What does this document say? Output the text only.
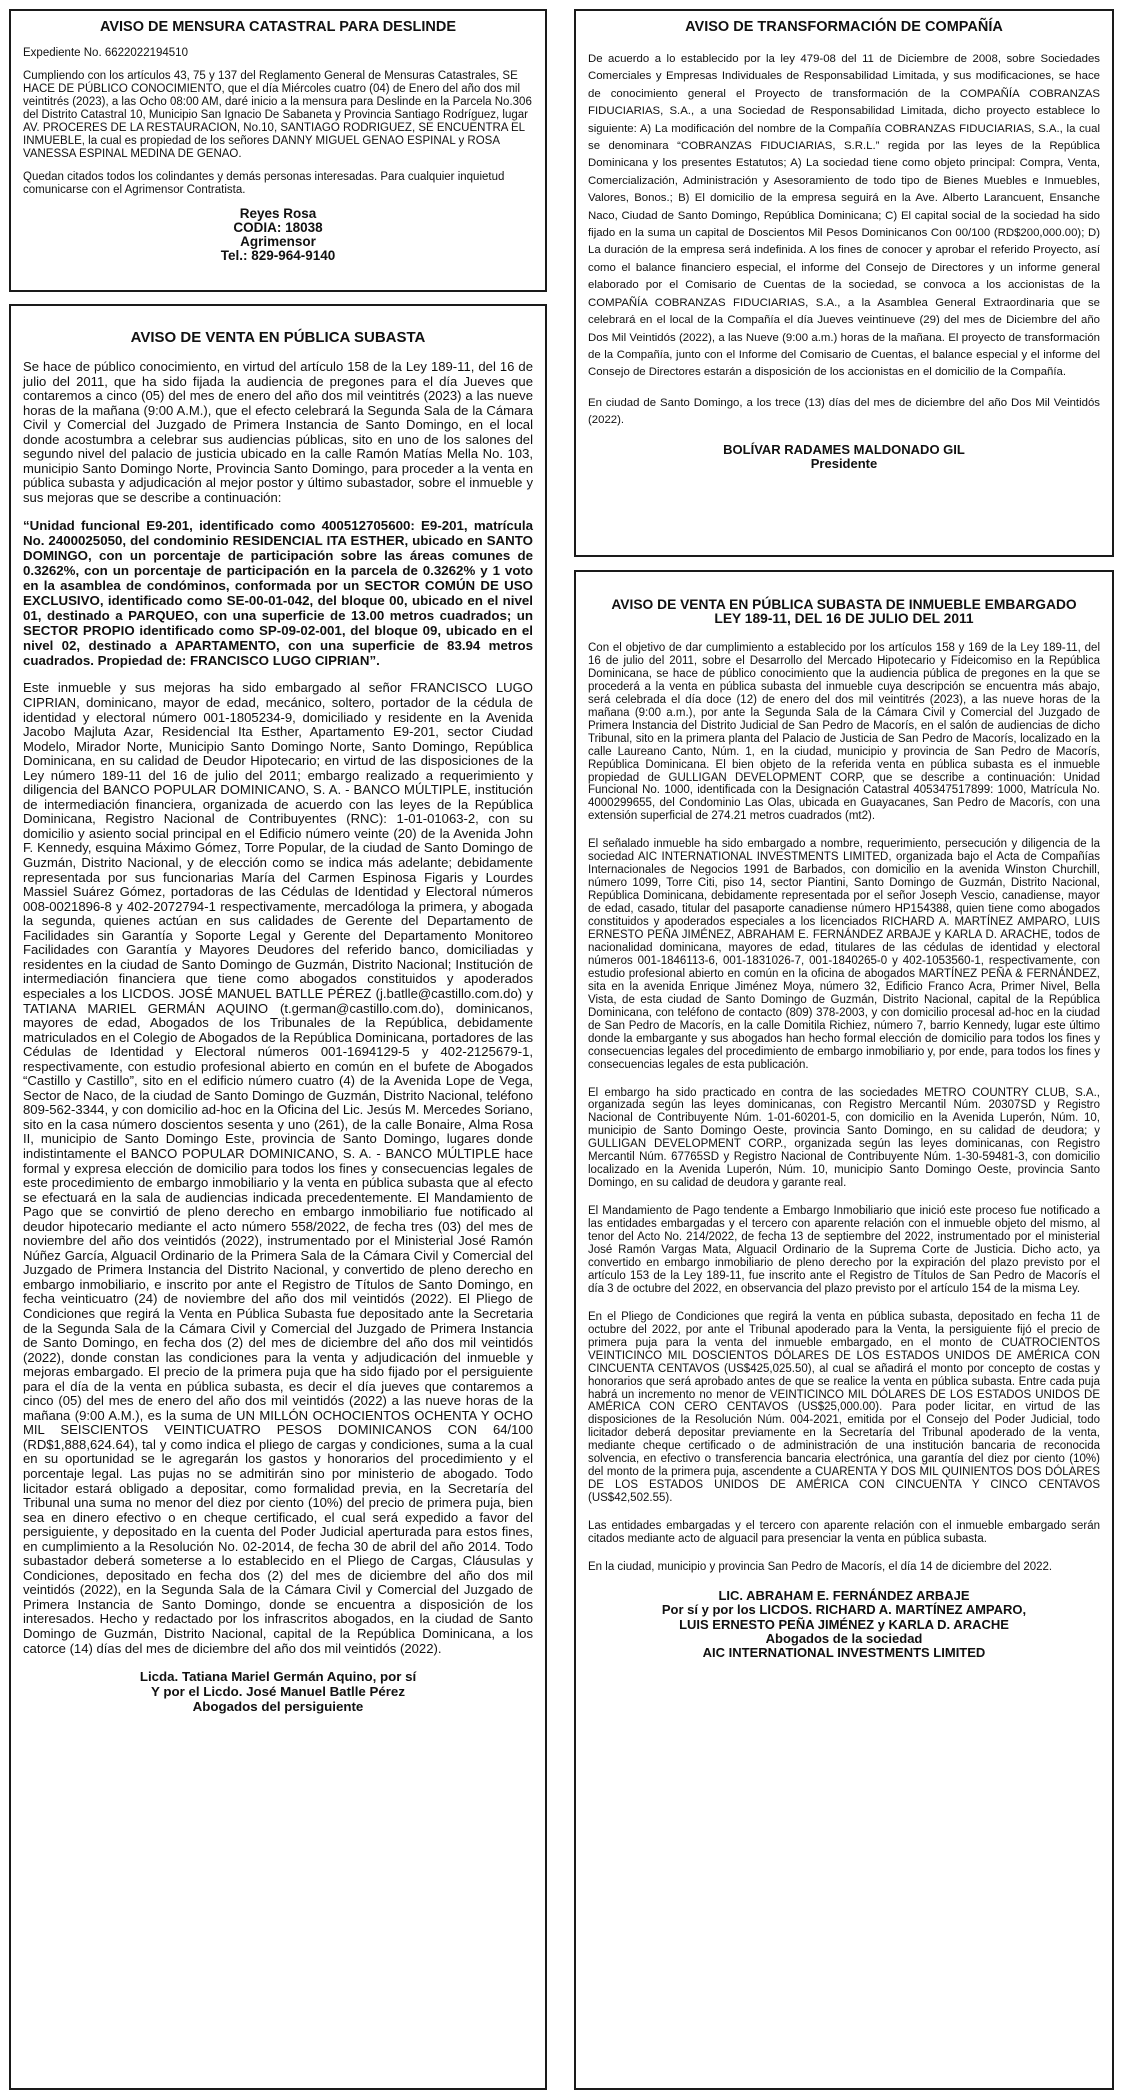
AVISO DE MENSURA CATASTRAL PARA DESLINDE

Expediente No. 6622022194510

Cumpliendo con los artículos 43, 75 y 137 del Reglamento General de Mensuras Catastrales, SE HACE DE PÚBLICO CONOCIMIENTO, que el día Miércoles cuatro (04) de Enero del año dos mil veintitrés (2023), a las Ocho 08:00 AM, daré inicio a la mensura para Deslinde en la Parcela No.306 del Distrito Catastral 10, Municipio San Ignacio De Sabaneta y Provincia Santiago Rodríguez, lugar AV. PROCERES DE LA RESTAURACION, No.10, SANTIAGO RODRIGUEZ, SE ENCUENTRA EL INMUEBLE, la cual es propiedad de los señores DANNY MIGUEL GENAO ESPINAL y ROSA VANESSA ESPINAL MEDINA DE GENAO.

Quedan citados todos los colindantes y demás personas interesadas. Para cualquier inquietud comunicarse con el Agrimensor Contratista.

Reyes Rosa
CODIA: 18038
Agrimensor
Tel.: 829-964-9140
AVISO DE VENTA EN PÚBLICA SUBASTA

Se hace de público conocimiento, en virtud del artículo 158 de la Ley 189-11, del 16 de julio del 2011, que ha sido fijada la audiencia de pregones para el día Jueves que contaremos a cinco (05) del mes de enero del año dos mil veintitrés (2023) a las nueve horas de la mañana (9:00 A.M.), que el efecto celebrará la Segunda Sala de la Cámara Civil y Comercial del Juzgado de Primera Instancia de Santo Domingo, en el local donde acostumbra a celebrar sus audiencias públicas, sito en uno de los salones del segundo nivel del palacio de justicia ubicado en la calle Ramón Matías Mella No. 103, municipio Santo Domingo Norte, Provincia Santo Domingo, para proceder a la venta en pública subasta y adjudicación al mejor postor y último subastador, sobre el inmueble y sus mejoras que se describe a continuación:

“Unidad funcional E9-201, identificado como 400512705600: E9-201, matrícula No. 2400025050, del condominio RESIDENCIAL ITA ESTHER, ubicado en SANTO DOMINGO, con un porcentaje de participación sobre las áreas comunes de 0.3262%, con un porcentaje de participación en la parcela de 0.3262% y 1 voto en la asamblea de condóminos, conformada por un SECTOR COMÚN DE USO EXCLUSIVO, identificado como SE-00-01-042, del bloque 00, ubicado en el nivel 01, destinado a PARQUEO, con una superficie de 13.00 metros cuadrados; un SECTOR PROPIO identificado como SP-09-02-001, del bloque 09, ubicado en el nivel 02, destinado a APARTAMENTO, con una superficie de 83.94 metros cuadrados. Propiedad de: FRANCISCO LUGO CIPRIAN”.

Este inmueble y sus mejoras ha sido embargado al señor FRANCISCO LUGO CIPRIAN, dominicano, mayor de edad, mecánico, soltero, portador de la cédula de identidad y electoral número 001-1805234-9, domiciliado y residente en la Avenida Jacobo Majluta Azar, Residencial Ita Esther, Apartamento E9-201, sector Ciudad Modelo, Mirador Norte, Municipio Santo Domingo Norte, Santo Domingo, República Dominicana, en su calidad de Deudor Hipotecario; en virtud de las disposiciones de la Ley número 189-11 del 16 de julio del 2011; embargo realizado a requerimiento y diligencia del BANCO POPULAR DOMINICANO, S. A. - BANCO MÚLTIPLE, institución de intermediación financiera, organizada de acuerdo con las leyes de la República Dominicana, Registro Nacional de Contribuyentes (RNC): 1-01-01063-2, con su domicilio y asiento social principal en el Edificio número veinte (20) de la Avenida John F. Kennedy, esquina Máximo Gómez, Torre Popular, de la ciudad de Santo Domingo de Guzmán, Distrito Nacional, y de elección como se indica más adelante; debidamente representada por sus funcionarias María del Carmen Espinosa Figaris y Lourdes Massiel Suárez Gómez, portadoras de las Cédulas de Identidad y Electoral números 008-0021896-8 y 402-2072794-1 respectivamente, mercadóloga la primera, y abogada la segunda, quienes actúan en sus calidades de Gerente del Departamento de Facilidades sin Garantía y Soporte Legal y Gerente del Departamento Monitoreo Facilidades con Garantía y Mayores Deudores del referido banco, domiciliadas y residentes en la ciudad de Santo Domingo de Guzmán, Distrito Nacional; Institución de intermediación financiera que tiene como abogados constituidos y apoderados especiales a los LICDOS. JOSÉ MANUEL BATLLE PÉREZ (j.batlle@castillo.com.do) y TATIANA MARIEL GERMÁN AQUINO (t.german@castillo.com.do), dominicanos, mayores de edad, Abogados de los Tribunales de la República, debidamente matriculados en el Colegio de Abogados de la República Dominicana, portadores de las Cédulas de Identidad y Electoral números 001-1694129-5 y 402-2125679-1, respectivamente, con estudio profesional abierto en común en el bufete de Abogados “Castillo y Castillo”, sito en el edificio número cuatro (4) de la Avenida Lope de Vega, Sector de Naco, de la ciudad de Santo Domingo de Guzmán, Distrito Nacional, teléfono 809-562-3344, y con domicilio ad-hoc en la Oficina del Lic. Jesús M. Mercedes Soriano, sito en la casa número doscientos sesenta y uno (261), de la calle Bonaire, Alma Rosa II, municipio de Santo Domingo Este, provincia de Santo Domingo, lugares donde indistintamente el BANCO POPULAR DOMINICANO, S. A. - BANCO MÚLTIPLE hace formal y expresa elección de domicilio para todos los fines y consecuencias legales de este procedimiento de embargo inmobiliario y la venta en pública subasta que al efecto se efectuará en la sala de audiencias indicada precedentemente. El Mandamiento de Pago que se convirtió de pleno derecho en embargo inmobiliario fue notificado al deudor hipotecario mediante el acto número 558/2022, de fecha tres (03) del mes de noviembre del año dos veintidós (2022), instrumentado por el Ministerial José Ramón Núñez García, Alguacil Ordinario de la Primera Sala de la Cámara Civil y Comercial del Juzgado de Primera Instancia del Distrito Nacional, y convertido de pleno derecho en embargo inmobiliario, e inscrito por ante el Registro de Títulos de Santo Domingo, en fecha veinticuatro (24) de noviembre del año dos mil veintidós (2022). El Pliego de Condiciones que regirá la Venta en Pública Subasta fue depositado ante la Secretaria de la Segunda Sala de la Cámara Civil y Comercial del Juzgado de Primera Instancia de Santo Domingo, en fecha dos (2) del mes de diciembre del año dos mil veintidós (2022), donde constan las condiciones para la venta y adjudicación del inmueble y mejoras embargado. El precio de la primera puja que ha sido fijado por el persiguiente para el día de la venta en pública subasta, es decir el día jueves que contaremos a cinco (05) del mes de enero del año dos mil veintidós (2022) a las nueve horas de la mañana (9:00 A.M.), es la suma de UN MILLÓN OCHOCIENTOS OCHENTA Y OCHO MIL SEISCIENTOS VEINTICUATRO PESOS DOMINICANOS CON 64/100 (RD$1,888,624.64), tal y como indica el pliego de cargas y condiciones, suma a la cual en su oportunidad se le agregarán los gastos y honorarios del procedimiento y el porcentaje legal. Las pujas no se admitirán sino por ministerio de abogado. Todo licitador estará obligado a depositar, como formalidad previa, en la Secretaría del Tribunal una suma no menor del diez por ciento (10%) del precio de primera puja, bien sea en dinero efectivo o en cheque certificado, el cual será expedido a favor del persiguiente, y depositado en la cuenta del Poder Judicial aperturada para estos fines, en cumplimiento a la Resolución No. 02-2014, de fecha 30 de abril del año 2014. Todo subastador deberá someterse a lo establecido en el Pliego de Cargas, Cláusulas y Condiciones, depositado en fecha dos (2) del mes de diciembre del año dos mil veintidós (2022), en la Segunda Sala de la Cámara Civil y Comercial del Juzgado de Primera Instancia de Santo Domingo, donde se encuentra a disposición de los interesados. Hecho y redactado por los infrascritos abogados, en la ciudad de Santo Domingo de Guzmán, Distrito Nacional, capital de la República Dominicana, a los catorce (14) días del mes de diciembre del año dos mil veintidós (2022).

Licda. Tatiana Mariel Germán Aquino, por sí
Y por el Licdo. José Manuel Batlle Pérez
Abogados del persiguiente
AVISO DE TRANSFORMACIÓN DE COMPAÑÍA

De acuerdo a lo establecido por la ley 479-08 del 11 de Diciembre de 2008, sobre Sociedades Comerciales y Empresas Individuales de Responsabilidad Limitada, y sus modificaciones, se hace de conocimiento general el Proyecto de transformación de la COMPAÑÍA COBRANZAS FIDUCIARIAS, S.A., a una Sociedad de Responsabilidad Limitada, dicho proyecto establece lo siguiente: A) La modificación del nombre de la Compañía COBRANZAS FIDUCIARIAS, S.A., la cual se denominara “COBRANZAS FIDUCIARIAS, S.R.L.” regida por las leyes de la República Dominicana y los presentes Estatutos; A) La sociedad tiene como objeto principal: Compra, Venta, Comercialización, Administración y Asesoramiento de todo tipo de Bienes Muebles e Inmuebles, Valores, Bonos.; B) El domicilio de la empresa seguirá en la Ave. Alberto Larancuent, Ensanche Naco, Ciudad de Santo Domingo, República Dominicana; C) El capital social de la sociedad ha sido fijado en la suma un capital de Doscientos Mil Pesos Dominicanos Con 00/100 (RD$200,000.00); D) La duración de la empresa será indefinida. A los fines de conocer y aprobar el referido Proyecto, así como el balance financiero especial, el informe del Consejo de Directores y un informe general elaborado por el Comisario de Cuentas de la sociedad, se convoca a los accionistas de la COMPAÑÍA COBRANZAS FIDUCIARIAS, S.A., a la Asamblea General Extraordinaria que se celebrará en el local de la Compañía el día Jueves veintinueve (29) del mes de Diciembre del año Dos Mil Veintidós (2022), a las Nueve (9:00 a.m.) horas de la mañana. El proyecto de transformación de la Compañía, junto con el Informe del Comisario de Cuentas, el balance especial y el informe del Consejo de Directores estarán a disposición de los accionistas en el domicilio de la Compañía.

En ciudad de Santo Domingo, a los trece (13) días del mes de diciembre del año Dos Mil Veintidós (2022).

BOLÍVAR RADAMES MALDONADO GIL
Presidente
AVISO DE VENTA EN PÚBLICA SUBASTA DE INMUEBLE EMBARGADO
LEY 189-11, DEL 16 DE JULIO DEL 2011

Con el objetivo de dar cumplimiento a establecido por los artículos 158 y 169 de la Ley 189-11, del 16 de julio del 2011, sobre el Desarrollo del Mercado Hipotecario y Fideicomiso en la República Dominicana, se hace de público conocimiento que la audiencia pública de pregones en la que se procederá a la venta en pública subasta del inmueble cuya descripción se encuentra más abajo, será celebrada el día doce (12) de enero del dos mil veintitrés (2023), a las nueve horas de la mañana (9:00 a.m.), por ante la Segunda Sala de la Cámara Civil y Comercial del Juzgado de Primera Instancia del Distrito Judicial de San Pedro de Macorís, en el salón de audiencias de dicho Tribunal, sito en la primera planta del Palacio de Justicia de San Pedro de Macorís, localizado en la calle Laureano Canto, Núm. 1, en la ciudad, municipio y provincia de San Pedro de Macorís, República Dominicana. El bien objeto de la referida venta en pública subasta es el inmueble propiedad de GULLIGAN DEVELOPMENT CORP, que se describe a continuación: Unidad Funcional No. 1000, identificada con la Designación Catastral 405347517899: 1000, Matrícula No. 4000299655, del Condominio Las Olas, ubicada en Guayacanes, San Pedro de Macorís, con una extensión superficial de 274.21 metros cuadrados (mt2).

El señalado inmueble ha sido embargado a nombre, requerimiento, persecución y diligencia de la sociedad AIC INTERNATIONAL INVESTMENTS LIMITED, organizada bajo el Acta de Compañías Internacionales de Negocios 1991 de Barbados, con domicilio en la avenida Winston Churchill, número 1099, Torre Citi, piso 14, sector Piantini, Santo Domingo de Guzmán, Distrito Nacional, República Dominicana, debidamente representada por el señor Joseph Vescio, canadiense, mayor de edad, casado, titular del pasaporte canadiense número HP154388, quien tiene como abogados constituidos y apoderados especiales a los licenciados RICHARD A. MARTÍNEZ AMPARO, LUIS ERNESTO PEÑA JIMÉNEZ, ABRAHAM E. FERNÁNDEZ ARBAJE y KARLA D. ARACHE, todos de nacionalidad dominicana, mayores de edad, titulares de las cédulas de identidad y electoral números 001-1846113-6, 001-1831026-7, 001-1840265-0 y 402-1053560-1, respectivamente, con estudio profesional abierto en común en la oficina de abogados MARTÍNEZ PEÑA & FERNÁNDEZ, sita en la avenida Enrique Jiménez Moya, número 32, Edificio Franco Acra, Primer Nivel, Bella Vista, de esta ciudad de Santo Domingo de Guzmán, Distrito Nacional, capital de la República Dominicana, con teléfono de contacto (809) 378-2003, y con domicilio procesal ad-hoc en la ciudad de San Pedro de Macorís, en la calle Domitila Richiez, número 7, barrio Kennedy, lugar este último donde la embargante y sus abogados han hecho formal elección de domicilio para todos los fines y consecuencias legales del procedimiento de embargo inmobiliario y, por ende, para todos los fines y consecuencias legales de esta publicación.

El embargo ha sido practicado en contra de las sociedades METRO COUNTRY CLUB, S.A., organizada según las leyes dominicanas, con Registro Mercantil Núm. 20307SD y Registro Nacional de Contribuyente Núm. 1-01-60201-5, con domicilio en la Avenida Luperón, Núm. 10, municipio de Santo Domingo Oeste, provincia Santo Domingo, en su calidad de deudora; y GULLIGAN DEVELOPMENT CORP., organizada según las leyes dominicanas, con Registro Mercantil Núm. 67765SD y Registro Nacional de Contribuyente Núm. 1-30-59481-3, con domicilio localizado en la Avenida Luperón, Núm. 10, municipio Santo Domingo Oeste, provincia Santo Domingo, en su calidad de deudora y garante real.

El Mandamiento de Pago tendente a Embargo Inmobiliario que inició este proceso fue notificado a las entidades embargadas y el tercero con aparente relación con el inmueble objeto del mismo, al tenor del Acto No. 214/2022, de fecha 13 de septiembre del 2022, instrumentado por el ministerial José Ramón Vargas Mata, Alguacil Ordinario de la Suprema Corte de Justicia. Dicho acto, ya convertido en embargo inmobiliario de pleno derecho por la expiración del plazo previsto por el artículo 153 de la Ley 189-11, fue inscrito ante el Registro de Títulos de San Pedro de Macorís el día 3 de octubre del 2022, en observancia del plazo previsto por el artículo 154 de la misma Ley.

En el Pliego de Condiciones que regirá la venta en pública subasta, depositado en fecha 11 de octubre del 2022, por ante el Tribunal apoderado para la Venta, la persiguiente fijó el precio de primera puja para la venta del inmueble embargado, en el monto de CUATROCIENTOS VEINTICINCO MIL DOSCIENTOS DÓLARES DE LOS ESTADOS UNIDOS DE AMÉRICA CON CINCUENTA CENTAVOS (US$425,025.50), al cual se añadirá el monto por concepto de costas y honorarios que será aprobado antes de que se realice la venta en pública subasta. Entre cada puja habrá un incremento no menor de VEINTICINCO MIL DÓLARES DE LOS ESTADOS UNIDOS DE AMÉRICA CON CERO CENTAVOS (US$25,000.00). Para poder licitar, en virtud de las disposiciones de la Resolución Núm. 004-2021, emitida por el Consejo del Poder Judicial, todo licitador deberá depositar previamente en la Secretaría del Tribunal apoderado de la venta, mediante cheque certificado o de administración de una institución bancaria de reconocida solvencia, en efectivo o transferencia bancaria electrónica, una garantía del diez por ciento (10%) del monto de la primera puja, ascendente a CUARENTA Y DOS MIL QUINIENTOS DOS DÓLARES DE LOS ESTADOS UNIDOS DE AMÉRICA CON CINCUENTA Y CINCO CENTAVOS (US$42,502.55).

Las entidades embargadas y el tercero con aparente relación con el inmueble embargado serán citados mediante acto de alguacil para presenciar la venta en pública subasta.

En la ciudad, municipio y provincia San Pedro de Macorís, el día 14 de diciembre del 2022.

LIC. ABRAHAM E. FERNÁNDEZ ARBAJE
Por sí y por los LICDOS. RICHARD A. MARTÍNEZ AMPARO,
LUIS ERNESTO PEÑA JIMÉNEZ y KARLA D. ARACHE
Abogados de la sociedad
AIC INTERNATIONAL INVESTMENTS LIMITED
